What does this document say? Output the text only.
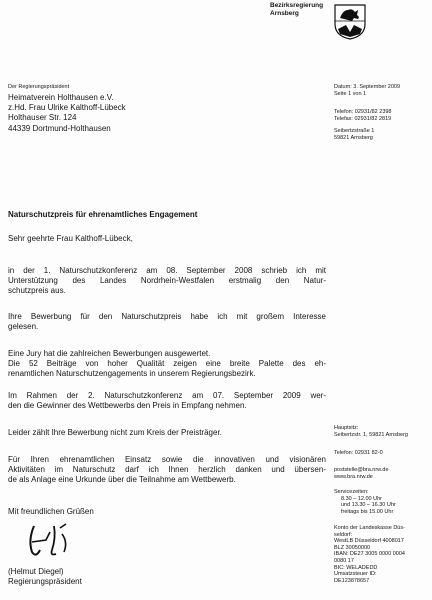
Bezirksregierung
Arnsberg
Der Regierungspräsident
Heimatverein Holthausen e.V.
z.Hd. Frau Ulrike Kalthoff-Lübeck
Holthauser Str. 124
44339 Dortmund-Holthausen
Datum: 3. September 2009
Seite 1 von 1
Telefon: 02931/82 2398
Telefax: 02931/82 2819
Seibertzstraße 1
59821 Arnsberg
Naturschutzpreis für ehrenamtliches Engagement

Sehr geehrte Frau Kalthoff-Lübeck,

in der 1. Naturschutzkonferenz am 08. September 2008 schrieb ich mit
Unterstützung des Landes Nordrhein-Westfalen erstmalig den Natur-
schutzpreis aus.

Ihre Bewerbung für den Naturschutzpreis habe ich mit großem Interesse
gelesen.

Eine Jury hat die zahlreichen Bewerbungen ausgewertet.
Die 52 Beiträge von hoher Qualität zeigen eine breite Palette des eh-
renamtlichen Naturschutzengagements in unserem Regierungsbezirk.

Im Rahmen der 2. Naturschutzkonferenz am 07. September 2009 wer-
den die Gewinner des Wettbewerbs den Preis in Empfang nehmen.

Leider zählt Ihre Bewerbung nicht zum Kreis der Preisträger.

Für Ihren ehrenamtlichen Einsatz sowie die innovativen und visionären
Aktivitäten im Naturschutz darf ich Ihnen herzlich danken und übersen-
de als Anlage eine Urkunde über die Teilnahme am Wettbewerb.

Mit freundlichen Grüßen

(Helmut Diegel)
Regierungspräsident
Hauptsitz:
Seibertzstr. 1, 59821 Arnsberg
Telefon: 02931 82-0
poststelle@bra.nrw.de
www.bra.nrw.de
Servicezeiten:
8.30 – 12.00 Uhr
und 13.30 – 16.30 Uhr
freitags bis 15.00 Uhr
Konto der Landeskasse Düs-
seldorf:
WestLB Düsseldorf 4008017
BLZ 30050000
IBAN: DE27 3005 0000 0004
0080 17
BIC: WELADEDD
Umsatzsteuer ID:
DE123878657
